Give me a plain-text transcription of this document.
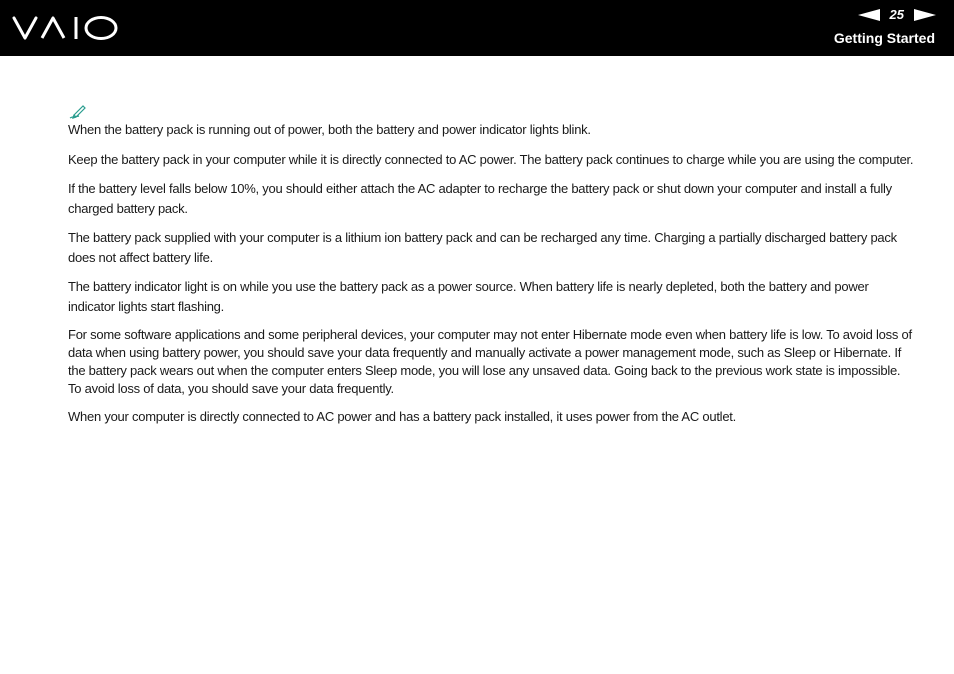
25
Getting Started

When the battery pack is running out of power, both the battery and power indicator lights blink.

Keep the battery pack in your computer while it is directly connected to AC power. The battery pack continues to charge while you are using the computer.

If the battery level falls below 10%, you should either attach the AC adapter to recharge the battery pack or shut down your computer and install a fully charged battery pack.

The battery pack supplied with your computer is a lithium ion battery pack and can be recharged any time. Charging a partially discharged battery pack does not affect battery life.

The battery indicator light is on while you use the battery pack as a power source. When battery life is nearly depleted, both the battery and power indicator lights start flashing.

For some software applications and some peripheral devices, your computer may not enter Hibernate mode even when battery life is low. To avoid loss of data when using battery power, you should save your data frequently and manually activate a power management mode, such as Sleep or Hibernate. If the battery pack wears out when the computer enters Sleep mode, you will lose any unsaved data. Going back to the previous work state is impossible. To avoid loss of data, you should save your data frequently.

When your computer is directly connected to AC power and has a battery pack installed, it uses power from the AC outlet.
